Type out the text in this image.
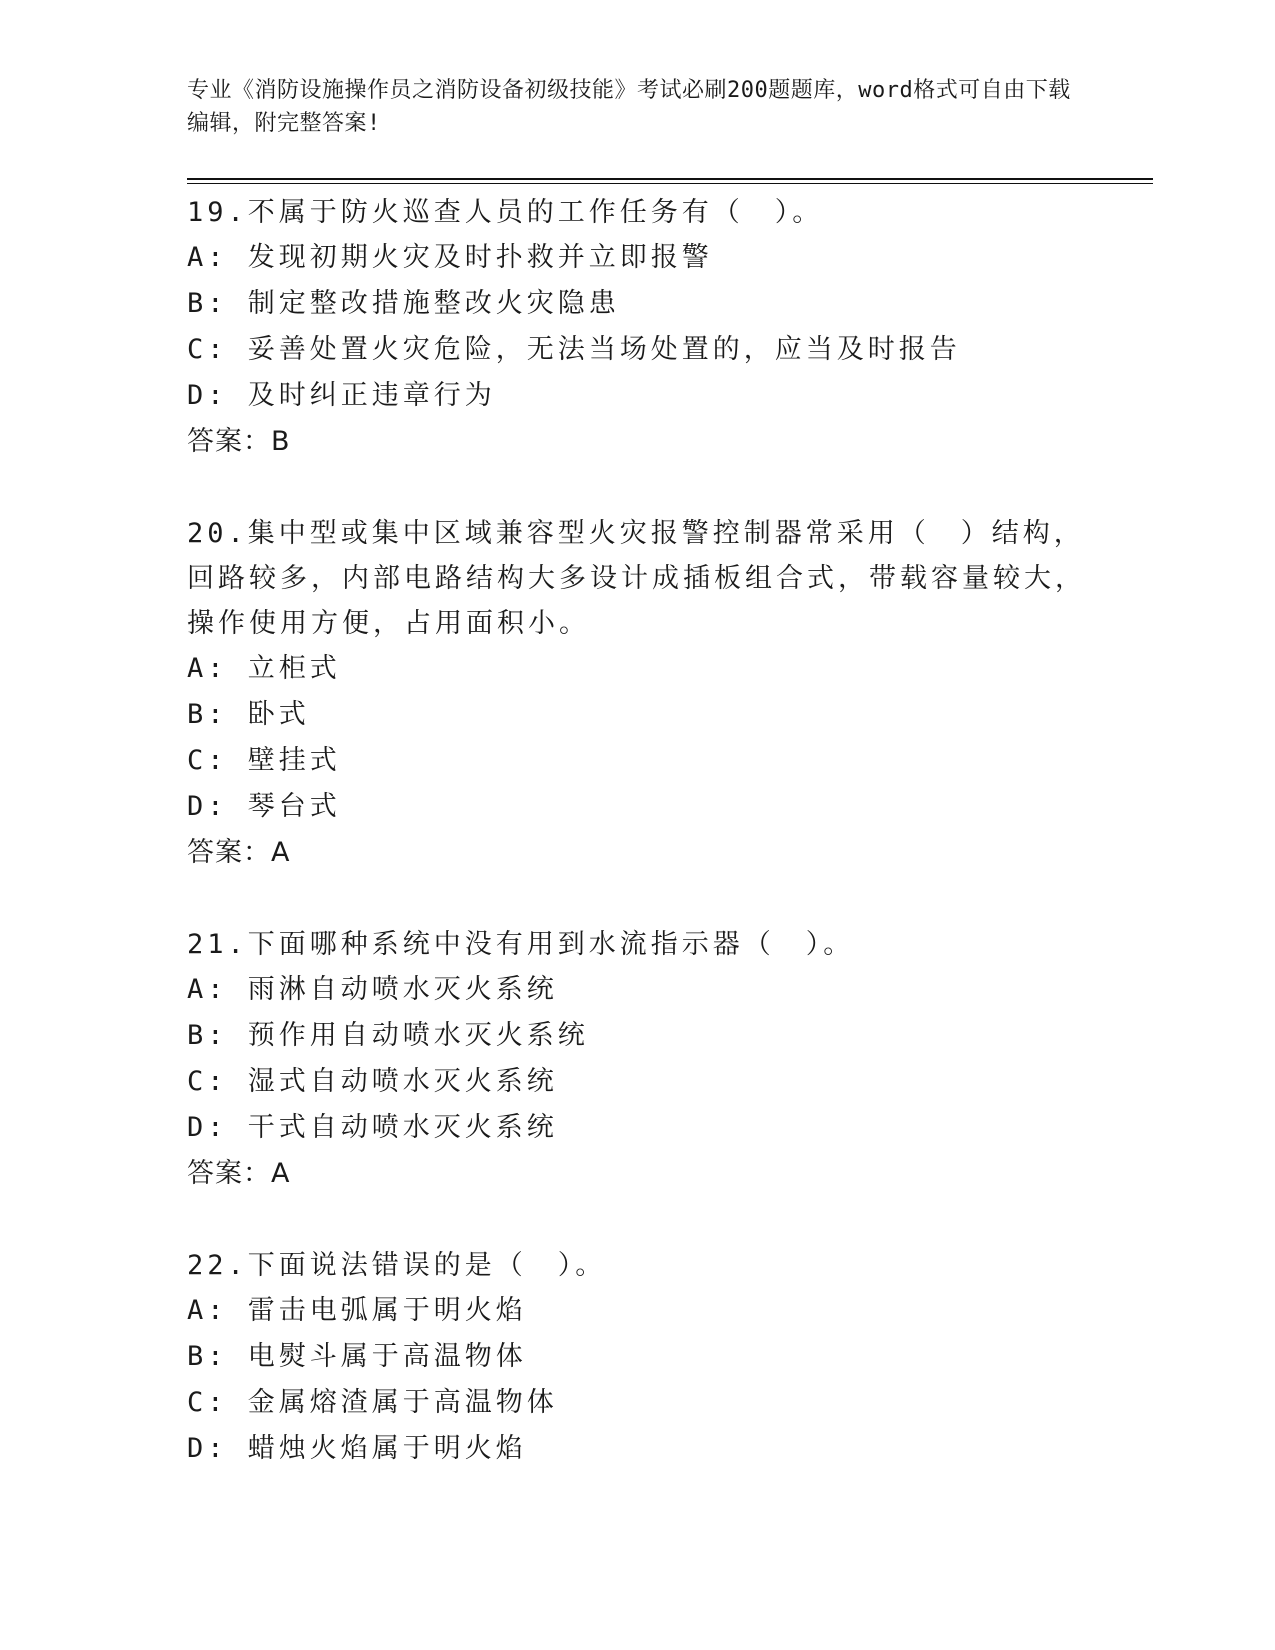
专业《消防设施操作员之消防设备初级技能》考试必刷200题题库，word格式可自由下载编辑，附完整答案!
19.不属于防火巡查人员的工作任务有（　）。
A: 发现初期火灾及时扑救并立即报警
B: 制定整改措施整改火灾隐患
C: 妥善处置火灾危险，无法当场处置的，应当及时报告
D: 及时纠正违章行为
答案：B
20.集中型或集中区域兼容型火灾报警控制器常采用（　）结构，回路较多，内部电路结构大多设计成插板组合式，带载容量较大，操作使用方便，占用面积小。
A: 立柜式
B: 卧式
C: 壁挂式
D: 琴台式
答案：A
21.下面哪种系统中没有用到水流指示器（　）。
A: 雨淋自动喷水灭火系统
B: 预作用自动喷水灭火系统
C: 湿式自动喷水灭火系统
D: 干式自动喷水灭火系统
答案：A
22.下面说法错误的是（　）。
A: 雷击电弧属于明火焰
B: 电熨斗属于高温物体
C: 金属熔渣属于高温物体
D: 蜡烛火焰属于明火焰
